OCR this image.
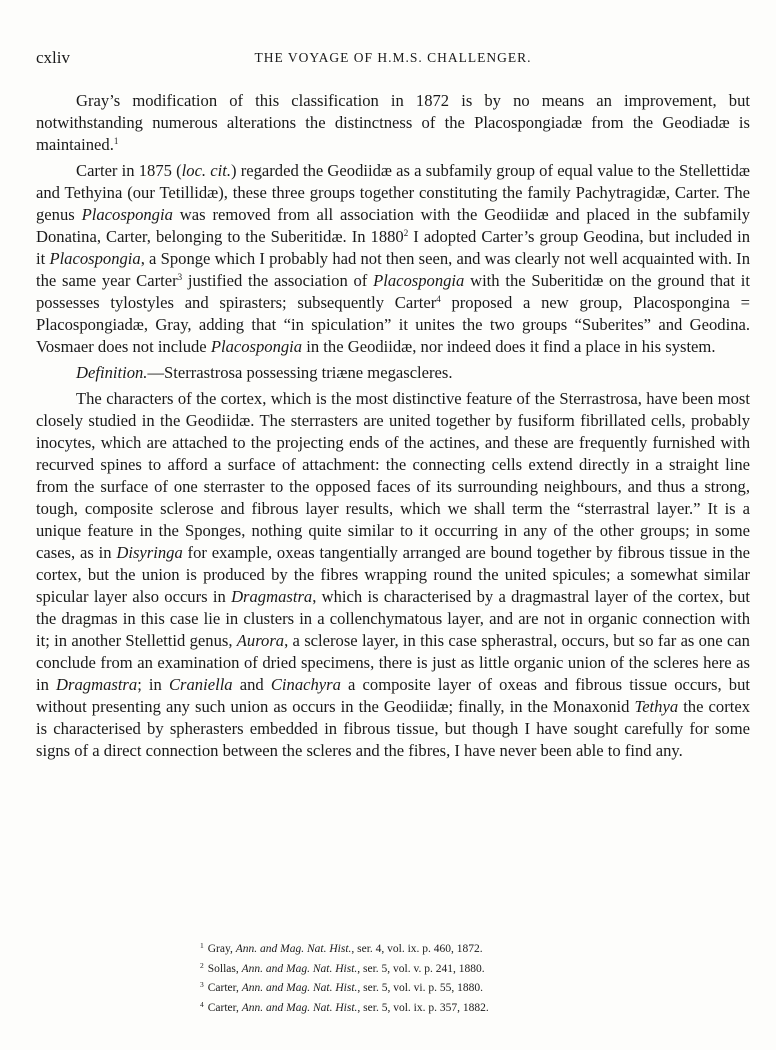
cxliv	THE VOYAGE OF H.M.S. CHALLENGER.

Gray’s modification of this classification in 1872 is by no means an improvement, but notwithstanding numerous alterations the distinctness of the Placospongiadæ from the Geodiadæ is maintained.$^1$

Carter in 1875 (loc. cit.) regarded the Geodiidæ as a subfamily group of equal value to the Stellettidæ and Tethyina (our Tetillidæ), these three groups together constituting the family Pachytragidæ, Carter. The genus Placospongia was removed from all association with the Geodiidæ and placed in the subfamily Donatina, Carter, belonging to the Suberitidæ. In 1880$^2$ I adopted Carter’s group Geodina, but included in it Placospongia, a Sponge which I probably had not then seen, and was clearly not well acquainted with. In the same year Carter$^3$ justified the association of Placospongia with the Suberitidæ on the ground that it possesses tylostyles and spirasters; subsequently Carter$^4$ proposed a new group, Placospongina = Placospongiadæ, Gray, adding that “in spiculation” it unites the two groups “Suberites” and Geodina. Vosmaer does not include Placospongia in the Geodiidæ, nor indeed does it find a place in his system.

Definition.—Sterrastrosa possessing triæne megascleres.

The characters of the cortex, which is the most distinctive feature of the Sterrastrosa, have been most closely studied in the Geodiidæ. The sterrasters are united together by fusiform fibrillated cells, probably inocytes, which are attached to the projecting ends of the actines, and these are frequently furnished with recurved spines to afford a surface of attachment: the connecting cells extend directly in a straight line from the surface of one sterraster to the opposed faces of its surrounding neighbours, and thus a strong, tough, composite sclerose and fibrous layer results, which we shall term the “sterrastral layer.” It is a unique feature in the Sponges, nothing quite similar to it occurring in any of the other groups; in some cases, as in Disyringa for example, oxeas tangentially arranged are bound together by fibrous tissue in the cortex, but the union is produced by the fibres wrapping round the united spicules; a somewhat similar spicular layer also occurs in Dragmastra, which is characterised by a dragmastral layer of the cortex, but the dragmas in this case lie in clusters in a collenchymatous layer, and are not in organic connection with it; in another Stellettid genus, Aurora, a sclerose layer, in this case spherastral, occurs, but so far as one can conclude from an examination of dried specimens, there is just as little organic union of the scleres here as in Dragmastra; in Craniella and Cinachyra a composite layer of oxeas and fibrous tissue occurs, but without presenting any such union as occurs in the Geodiidæ; finally, in the Monaxonid Tethya the cortex is characterised by spherasters embedded in fibrous tissue, but though I have sought carefully for some signs of a direct connection between the scleres and the fibres, I have never been able to find any.

$^1$ Gray, Ann. and Mag. Nat. Hist., ser. 4, vol. ix. p. 460, 1872.
$^2$ Sollas, Ann. and Mag. Nat. Hist., ser. 5, vol. v. p. 241, 1880.
$^3$ Carter, Ann. and Mag. Nat. Hist., ser. 5, vol. vi. p. 55, 1880.
$^4$ Carter, Ann. and Mag. Nat. Hist., ser. 5, vol. ix. p. 357, 1882.
